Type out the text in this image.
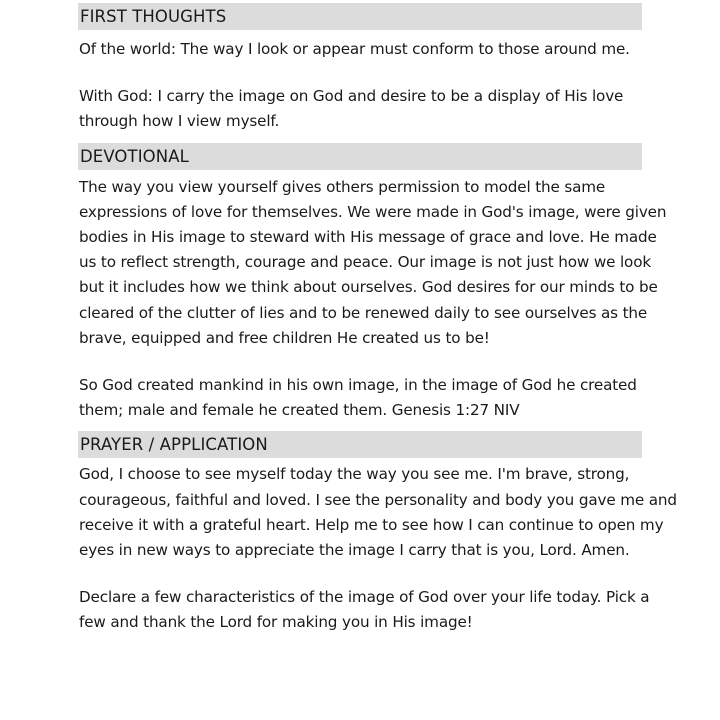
FIRST THOUGHTS

Of the world: The way I look or appear must conform to those around me.

With God: I carry the image on God and desire to be a display of His love
through how I view myself.

DEVOTIONAL

The way you view yourself gives others permission to model the same
expressions of love for themselves. We were made in God's image, were given
bodies in His image to steward with His message of grace and love. He made
us to reflect strength, courage and peace. Our image is not just how we look
but it includes how we think about ourselves. God desires for our minds to be
cleared of the clutter of lies and to be renewed daily to see ourselves as the
brave, equipped and free children He created us to be!

So God created mankind in his own image, in the image of God he created
them; male and female he created them. Genesis 1:27 NIV

PRAYER / APPLICATION

God, I choose to see myself today the way you see me. I'm brave, strong,
courageous, faithful and loved. I see the personality and body you gave me and
receive it with a grateful heart. Help me to see how I can continue to open my
eyes in new ways to appreciate the image I carry that is you, Lord. Amen.

Declare a few characteristics of the image of God over your life today. Pick a
few and thank the Lord for making you in His image!
